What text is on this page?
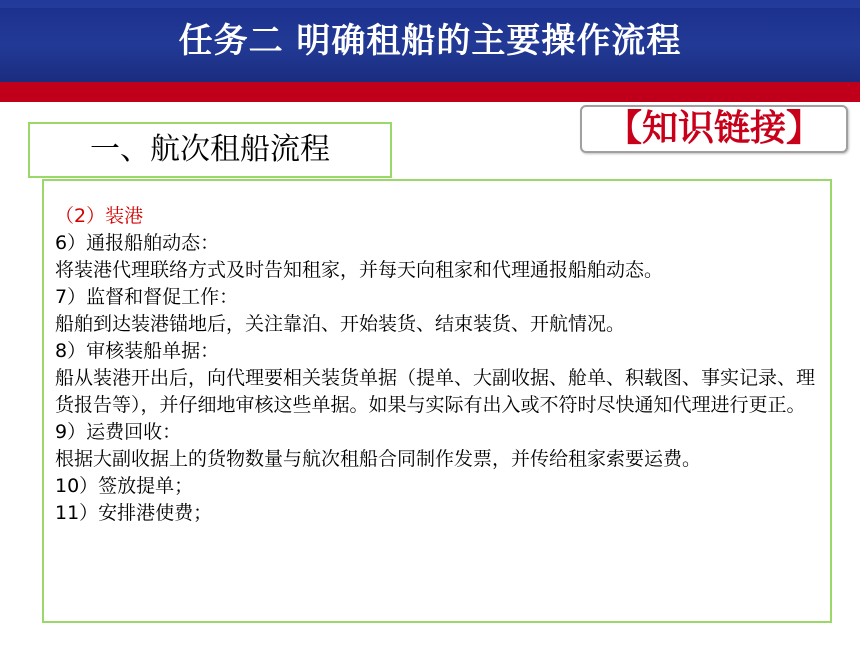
任务二 明确租船的主要操作流程
一、航次租船流程
【知识链接】

（2）装港

6）通报船舶动态：

将装港代理联络方式及时告知租家，并每天向租家和代理通报船舶动态。

7）监督和督促工作：

船舶到达装港锚地后，关注靠泊、开始装货、结束装货、开航情况。

8）审核装船单据：

船从装港开出后，向代理要相关装货单据（提单、大副收据、舱单、积载图、事实记录、理货报告等），并仔细地审核这些单据。如果与实际有出入或不符时尽快通知代理进行更正。

9）运费回收：

根据大副收据上的货物数量与航次租船合同制作发票，并传给租家索要运费。

10）签放提单；

11）安排港使费；
